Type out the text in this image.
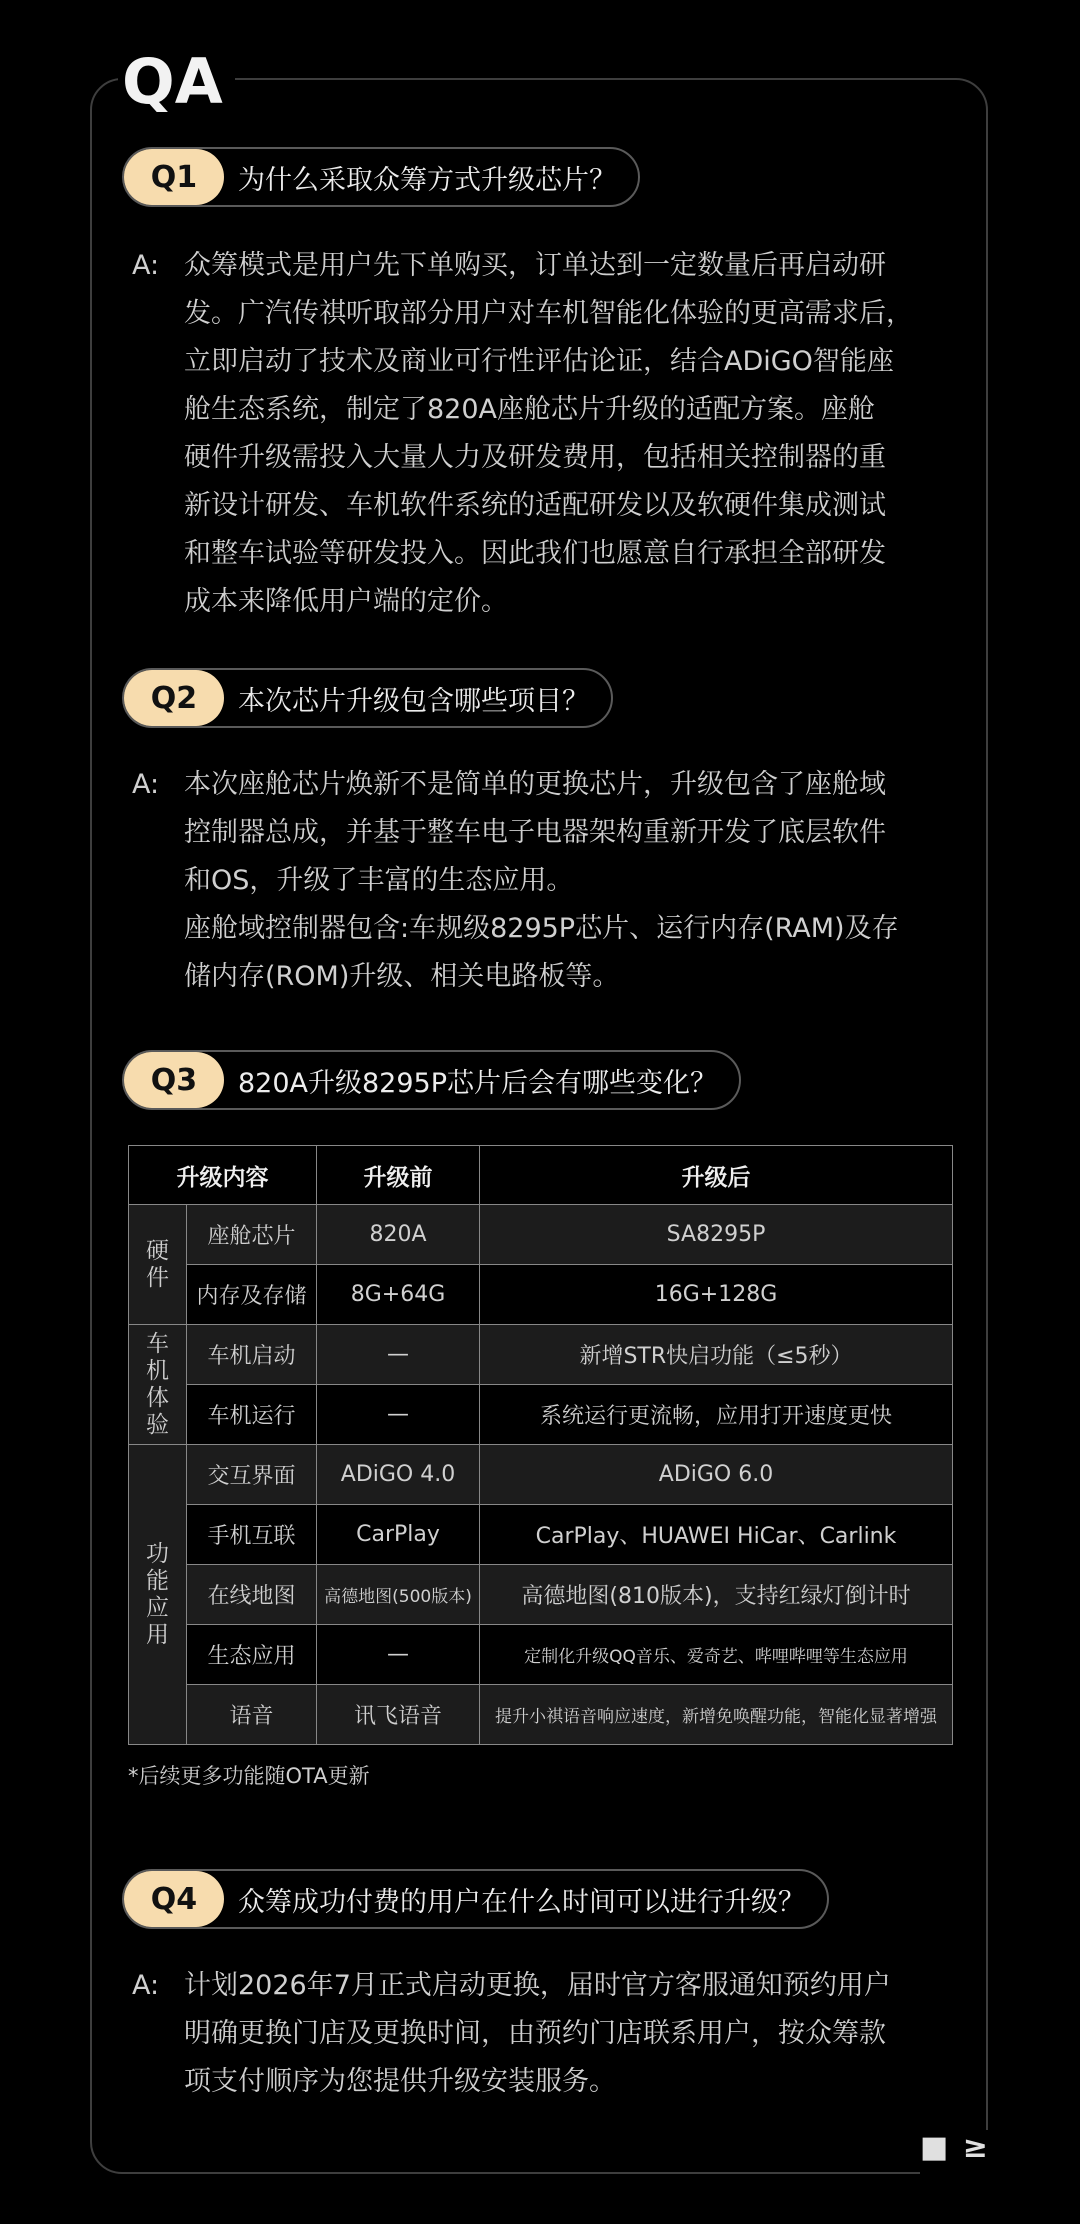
QA
Q1	为什么采取众筹方式升级芯片？
A: 众筹模式是用户先下单购买，订单达到一定数量后再启动研

发。广汽传祺听取部分用户对车机智能化体验的更高需求后，

立即启动了技术及商业可行性评估论证，结合ADiGO智能座

舱生态系统，制定了820A座舱芯片升级的适配方案。座舱

硬件升级需投入大量人力及研发费用，包括相关控制器的重

新设计研发、车机软件系统的适配研发以及软硬件集成测试

和整车试验等研发投入。因此我们也愿意自行承担全部研发

成本来降低用户端的定价。

Q2	本次芯片升级包含哪些项目？
A: 本次座舱芯片焕新不是简单的更换芯片，升级包含了座舱域

控制器总成，并基于整车电子电器架构重新开发了底层软件

和OS，升级了丰富的生态应用。

座舱域控制器包含:车规级8295P芯片、运行内存(RAM)及存

储内存(ROM)升级、相关电路板等。

Q3	820A升级8295P芯片后会有哪些变化？
升级内容		升级前	升级后

硬
件	座舱芯片	820A	SA8295P
	内存及存储	8G+64G	16G+128G

车
机
体
验	车机启动	—	新增STR快启功能（≤5秒）
	车机运行	—	系统运行更流畅，应用打开速度更快

功
能
应
用	交互界面	ADiGO 4.0	ADiGO 6.0
	手机互联	CarPlay	CarPlay、HUAWEI HiCar、Carlink
	在线地图	高德地图(500版本)	高德地图(810版本)，支持红绿灯倒计时
	生态应用	—	定制化升级QQ音乐、爱奇艺、哔哩哔哩等生态应用
	语音	讯飞语音	提升小祺语音响应速度，新增免唤醒功能，智能化显著增强
*后续更多功能随OTA更新
Q4	众筹成功付费的用户在什么时间可以进行升级？
A: 计划2026年7月正式启动更换，届时官方客服通知预约用户

明确更换门店及更换时间，由预约门店联系用户，按众筹款

项支付顺序为您提供升级安装服务。

■ ≥
